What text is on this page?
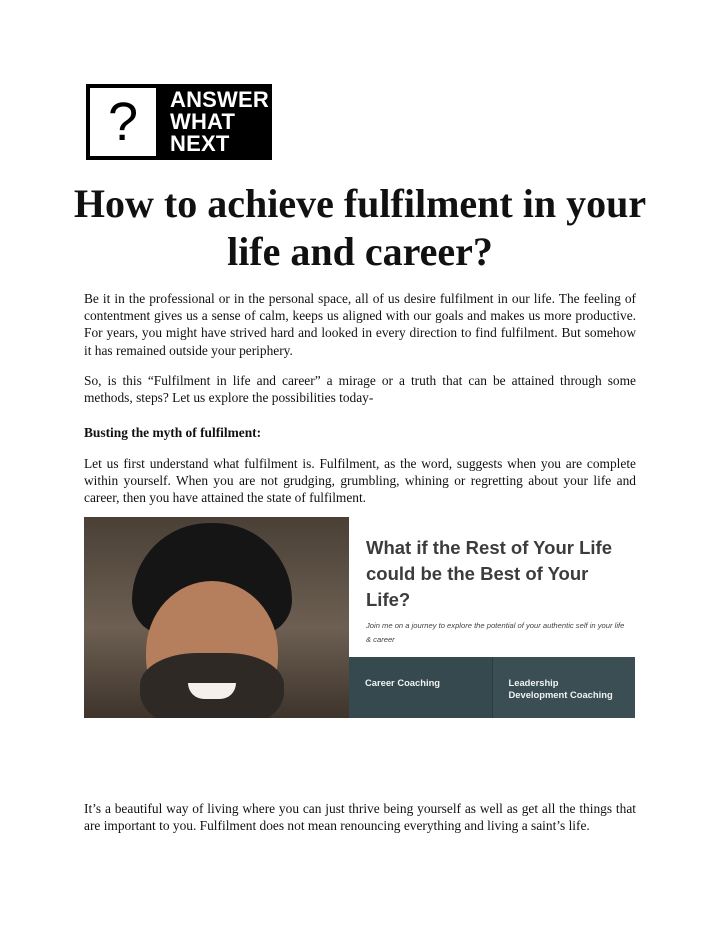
?	ANSWER
WHAT
NEXT
How to achieve fulfilment in your life and career?

Be it in the professional or in the personal space, all of us desire fulfilment in our life. The feeling of contentment gives us a sense of calm, keeps us aligned with our goals and makes us more productive. For years, you might have strived hard and looked in every direction to find fulfilment. But somehow it has remained outside your periphery.

So, is this “Fulfilment in life and career” a mirage or a truth that can be attained through some methods, steps? Let us explore the possibilities today-

Busting the myth of fulfilment:

Let us first understand what fulfilment is. Fulfilment, as the word, suggests when you are complete within yourself. When you are not grudging, grumbling, whining or regretting about your life and career, then you have attained the state of fulfilment.

What if the Rest of Your Life could be the Best of Your Life?
Join me on a journey to explore the potential of your authentic self in your life & career
Career Coaching	Leadership Development Coaching

It’s a beautiful way of living where you can just thrive being yourself as well as get all the things that are important to you. Fulfilment does not mean renouncing everything and living a saint’s life.
